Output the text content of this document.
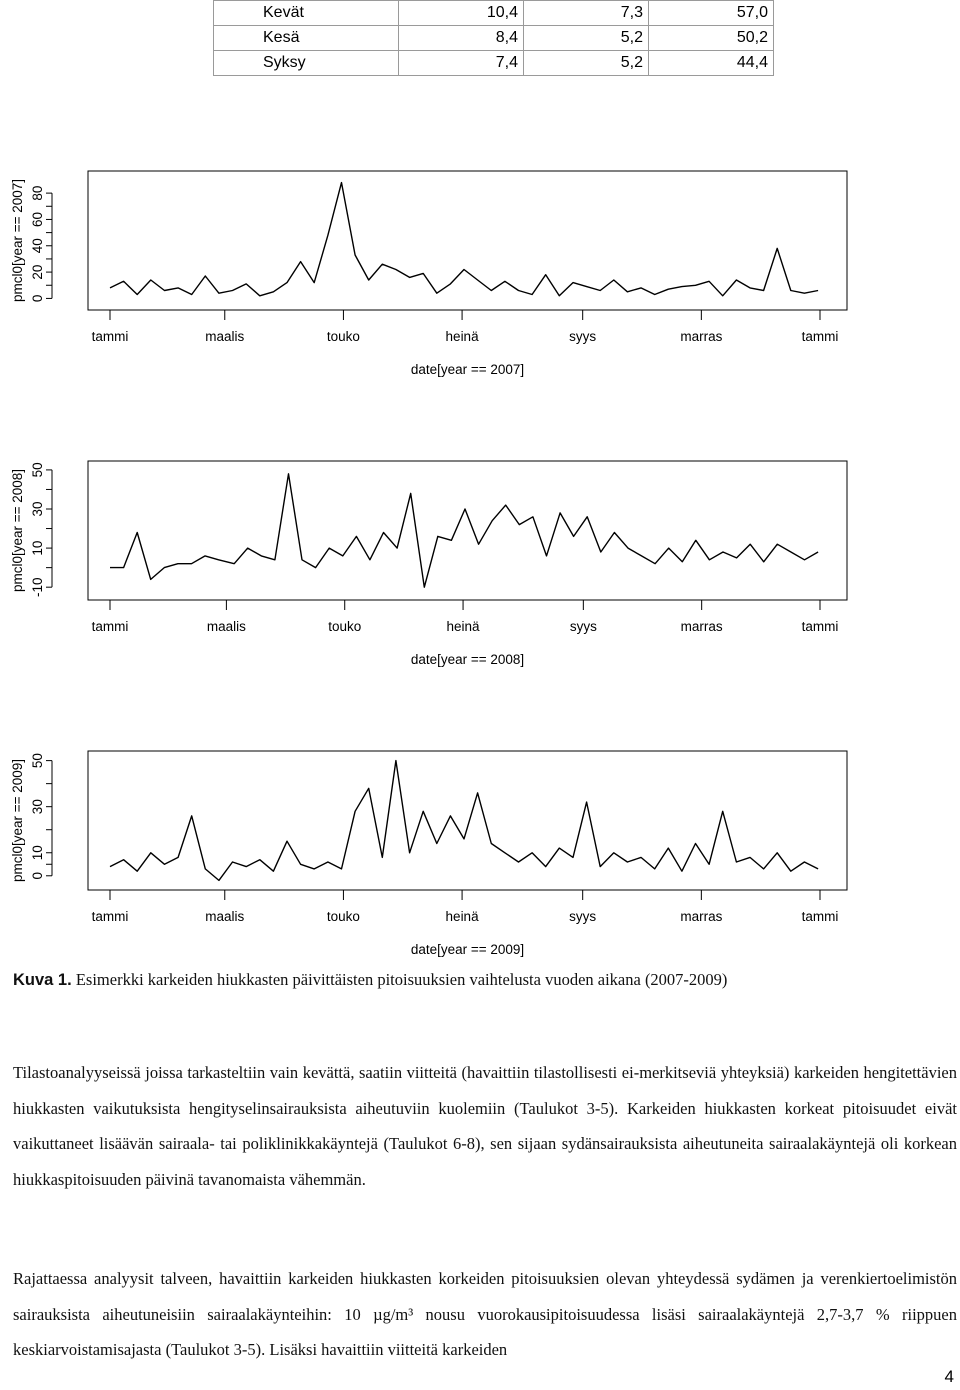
Kevät	10,4	7,3	57,0
Kesä	8,4	5,2	50,2
Syksy	7,4	5,2	44,4
0
20
40
60
80
pmcl0[year == 2007]
tammi	maalis	touko	heinä	syys	marras	tammi
date[year == 2007]
-10
10
30
50
pmcl0[year == 2008]
tammi	maalis	touko	heinä	syys	marras	tammi
date[year == 2008]
0
10
30
50
pmcl0[year == 2009]
tammi	maalis	touko	heinä	syys	marras	tammi
date[year == 2009]
Kuva 1. Esimerkki karkeiden hiukkasten päivittäisten pitoisuuksien vaihtelusta vuoden aikana (2007-2009)

Tilastoanalyyseissä joissa tarkasteltiin vain kevättä, saatiin viitteitä (havaittiin tilastollisesti ei-merkitseviä yhteyksiä) karkeiden hengitettävien hiukkasten vaikutuksista hengityselinsairauksista aiheutuviin kuolemiin (Taulukot 3-5). Karkeiden hiukkasten korkeat pitoisuudet eivät vaikuttaneet lisäävän sairaala- tai poliklinikkakäyntejä (Taulukot 6-8), sen sijaan sydänsairauksista aiheutuneita sairaalakäyntejä oli korkean hiukkaspitoisuuden päivinä tavanomaista vähemmän.

Rajattaessa analyysit talveen, havaittiin karkeiden hiukkasten korkeiden pitoisuuksien olevan yhteydessä sydämen ja verenkiertoelimistön sairauksista aiheutuneisiin sairaalakäynteihin: 10 µg/m³ nousu vuorokausipitoisuudessa lisäsi sairaalakäyntejä 2,7-3,7 % riippuen keskiarvoistamisajasta (Taulukot 3-5). Lisäksi havaittiin viitteitä karkeiden

4
